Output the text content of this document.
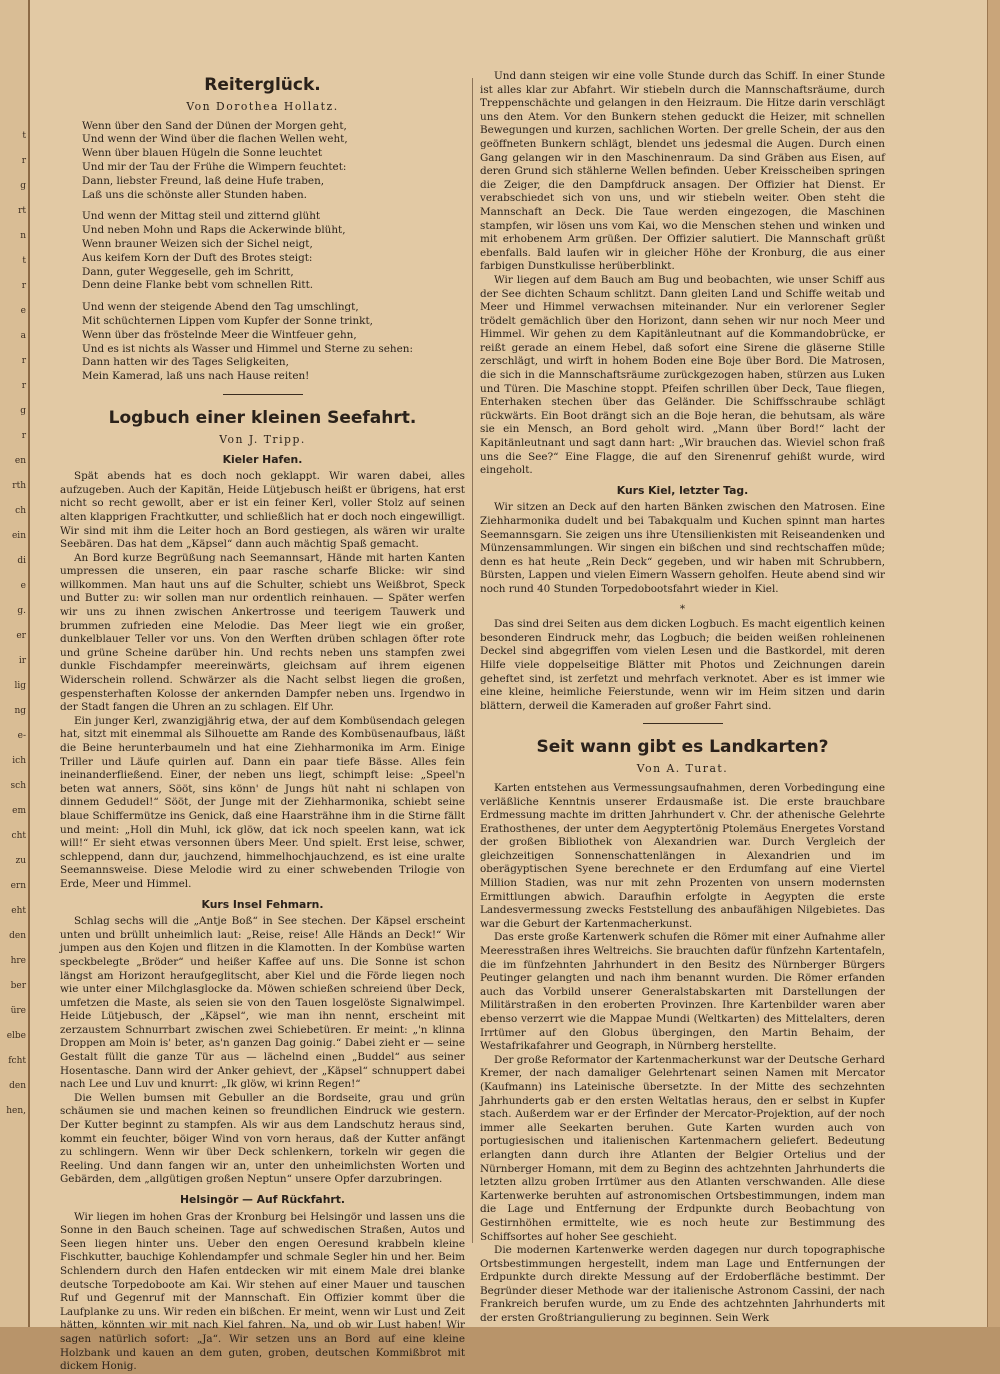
t
r
g
rt
n
t
r
e
a
r
r
g
r
en
rth
ch
ein
di
e
g.
er
ir
lig
ng
e-
ich
sch
em
cht
zu
ern
eht
den
hre
ber
üre
elbe
fcht
den
hen,
Reiterglück.
Von Dorothea Hollatz.
Wenn über den Sand der Dünen der Morgen geht,
Und wenn der Wind über die flachen Wellen weht,
Wenn über blauen Hügeln die Sonne leuchtet
Und mir der Tau der Frühe die Wimpern feuchtet:
Dann, liebster Freund, laß deine Hufe traben,
Laß uns die schönste aller Stunden haben.
Und wenn der Mittag steil und zitternd glüht
Und neben Mohn und Raps die Ackerwinde blüht,
Wenn brauner Weizen sich der Sichel neigt,
Aus keifem Korn der Duft des Brotes steigt:
Dann, guter Weggeselle, geh im Schritt,
Denn deine Flanke bebt vom schnellen Ritt.
Und wenn der steigende Abend den Tag umschlingt,
Mit schüchternen Lippen vom Kupfer der Sonne trinkt,
Wenn über das fröstelnde Meer die Wintfeuer gehn,
Und es ist nichts als Wasser und Himmel und Sterne zu sehen:
Dann hatten wir des Tages Seligkeiten,
Mein Kamerad, laß uns nach Hause reiten!
Logbuch einer kleinen Seefahrt.
Von J. Tripp.
Kieler Hafen.

Spät abends hat es doch noch geklappt. Wir waren dabei, alles aufzugeben. Auch der Kapitän, Heide Lütjebusch heißt er übrigens, hat erst nicht so recht gewollt, aber er ist ein feiner Kerl, voller Stolz auf seinen alten klapprigen Frachtkutter, und schließlich hat er doch noch eingewilligt. Wir sind mit ihm die Leiter hoch an Bord gestiegen, als wären wir uralte Seebären. Das hat dem „Käpsel“ dann auch mächtig Spaß gemacht.

An Bord kurze Begrüßung nach Seemannsart, Hände mit harten Kanten umpressen die unseren, ein paar rasche scharfe Blicke: wir sind willkommen. Man haut uns auf die Schulter, schiebt uns Weißbrot, Speck und Butter zu: wir sollen man nur ordentlich reinhauen. — Später werfen wir uns zu ihnen zwischen Ankertrosse und teerigem Tauwerk und brummen zufrieden eine Melodie. Das Meer liegt wie ein großer, dunkelblauer Teller vor uns. Von den Werften drüben schlagen öfter rote und grüne Scheine darüber hin. Und rechts neben uns stampfen zwei dunkle Fischdampfer meereinwärts, gleichsam auf ihrem eigenen Widerschein rollend. Schwärzer als die Nacht selbst liegen die großen, gespensterhaften Kolosse der ankernden Dampfer neben uns. Irgendwo in der Stadt fangen die Uhren an zu schlagen. Elf Uhr.

Ein junger Kerl, zwanzigjährig etwa, der auf dem Kombüsendach gelegen hat, sitzt mit einemmal als Silhouette am Rande des Kombüsenaufbaus, läßt die Beine herunterbaumeln und hat eine Ziehharmonika im Arm. Einige Triller und Läufe quirlen auf. Dann ein paar tiefe Bässe. Alles fein ineinanderfließend. Einer, der neben uns liegt, schimpft leise: „Speel'n beten wat anners, Sööt, sins könn' de Jungs hüt naht ni schlapen von dinnem Gedudel!“ Sööt, der Junge mit der Ziehharmonika, schiebt seine blaue Schiffermütze ins Genick, daß eine Haarsträhne ihm in die Stirne fällt und meint: „Holl din Muhl, ick glöw, dat ick noch speelen kann, wat ick will!“ Er sieht etwas versonnen übers Meer. Und spielt. Erst leise, schwer, schleppend, dann dur, jauchzend, himmelhochjauchzend, es ist eine uralte Seemannsweise. Diese Melodie wird zu einer schwebenden Trilogie von Erde, Meer und Himmel.

Kurs Insel Fehmarn.

Schlag sechs will die „Antje Boß“ in See stechen. Der Käpsel erscheint unten und brüllt unheimlich laut: „Reise, reise! Alle Händs an Deck!“ Wir jumpen aus den Kojen und flitzen in die Klamotten. In der Kombüse warten speckbelegte „Bröder“ und heißer Kaffee auf uns. Die Sonne ist schon längst am Horizont heraufgeglitscht, aber Kiel und die Förde liegen noch wie unter einer Milchglasglocke da. Möwen schießen schreiend über Deck, umfetzen die Maste, als seien sie von den Tauen losgelöste Signalwimpel. Heide Lütjebusch, der „Käpsel“, wie man ihn nennt, erscheint mit zerzaustem Schnurrbart zwischen zwei Schiebetüren. Er meint: „'n klinna Droppen am Moin is' beter, as'n ganzen Dag goinig.“ Dabei zieht er — seine Gestalt füllt die ganze Tür aus — lächelnd einen „Buddel“ aus seiner Hosentasche. Dann wird der Anker gehievt, der „Käpsel“ schnuppert dabei nach Lee und Luv und knurrt: „Ik glöw, wi krinn Regen!“

Die Wellen bumsen mit Gebuller an die Bordseite, grau und grün schäumen sie und machen keinen so freundlichen Eindruck wie gestern. Der Kutter beginnt zu stampfen. Als wir aus dem Landschutz heraus sind, kommt ein feuchter, böiger Wind von vorn heraus, daß der Kutter anfängt zu schlingern. Wenn wir über Deck schlenkern, torkeln wir gegen die Reeling. Und dann fangen wir an, unter den unheimlichsten Worten und Gebärden, dem „allgütigen großen Neptun“ unsere Opfer darzubringen.

Helsingör — Auf Rückfahrt.

Wir liegen im hohen Gras der Kronburg bei Helsingör und lassen uns die Sonne in den Bauch scheinen. Tage auf schwedischen Straßen, Autos und Seen liegen hinter uns. Ueber den engen Oeresund krabbeln kleine Fischkutter, bauchige Kohlendampfer und schmale Segler hin und her. Beim Schlendern durch den Hafen entdecken wir mit einem Male drei blanke deutsche Torpedoboote am Kai. Wir stehen auf einer Mauer und tauschen Ruf und Gegenruf mit der Mannschaft. Ein Offizier kommt über die Laufplanke zu uns. Wir reden ein bißchen. Er meint, wenn wir Lust und Zeit hätten, könnten wir mit nach Kiel fahren. Na, und ob wir Lust haben! Wir sagen natürlich sofort: „Ja“. Wir setzen uns an Bord auf eine kleine Holzbank und kauen an dem guten, groben, deutschen Kommißbrot mit dickem Honig.

Und dann steigen wir eine volle Stunde durch das Schiff. In einer Stunde ist alles klar zur Abfahrt. Wir stiebeln durch die Mannschaftsräume, durch Treppenschächte und gelangen in den Heizraum. Die Hitze darin verschlägt uns den Atem. Vor den Bunkern stehen geduckt die Heizer, mit schnellen Bewegungen und kurzen, sachlichen Worten. Der grelle Schein, der aus den geöffneten Bunkern schlägt, blendet uns jedesmal die Augen. Durch einen Gang gelangen wir in den Maschinenraum. Da sind Gräben aus Eisen, auf deren Grund sich stählerne Wellen befinden. Ueber Kreisscheiben springen die Zeiger, die den Dampfdruck ansagen. Der Offizier hat Dienst. Er verabschiedet sich von uns, und wir stiebeln weiter. Oben steht die Mannschaft an Deck. Die Taue werden eingezogen, die Maschinen stampfen, wir lösen uns vom Kai, wo die Menschen stehen und winken und mit erhobenem Arm grüßen. Der Offizier salutiert. Die Mannschaft grüßt ebenfalls. Bald laufen wir in gleicher Höhe der Kronburg, die aus einer farbigen Dunstkulisse herüberblinkt.

Wir liegen auf dem Bauch am Bug und beobachten, wie unser Schiff aus der See dichten Schaum schlitzt. Dann gleiten Land und Schiffe weitab und Meer und Himmel verwachsen miteinander. Nur ein verlorener Segler trödelt gemächlich über den Horizont, dann sehen wir nur noch Meer und Himmel. Wir gehen zu dem Kapitänleutnant auf die Kommandobrücke, er reißt gerade an einem Hebel, daß sofort eine Sirene die gläserne Stille zerschlägt, und wirft in hohem Boden eine Boje über Bord. Die Matrosen, die sich in die Mannschaftsräume zurückgezogen haben, stürzen aus Luken und Türen. Die Maschine stoppt. Pfeifen schrillen über Deck, Taue fliegen, Enterhaken stechen über das Geländer. Die Schiffsschraube schlägt rückwärts. Ein Boot drängt sich an die Boje heran, die behutsam, als wäre sie ein Mensch, an Bord geholt wird. „Mann über Bord!“ lacht der Kapitänleutnant und sagt dann hart: „Wir brauchen das. Wieviel schon fraß uns die See?“ Eine Flagge, die auf den Sirenenruf gehißt wurde, wird eingeholt.

Kurs Kiel, letzter Tag.

Wir sitzen an Deck auf den harten Bänken zwischen den Matrosen. Eine Ziehharmonika dudelt und bei Tabakqualm und Kuchen spinnt man hartes Seemannsgarn. Sie zeigen uns ihre Utensilienkisten mit Reiseandenken und Münzensammlungen. Wir singen ein bißchen und sind rechtschaffen müde; denn es hat heute „Rein Deck“ gegeben, und wir haben mit Schrubbern, Bürsten, Lappen und vielen Eimern Wassern geholfen. Heute abend sind wir noch rund 40 Stunden Torpedobootsfahrt wieder in Kiel.

*

Das sind drei Seiten aus dem dicken Logbuch. Es macht eigentlich keinen besonderen Eindruck mehr, das Logbuch; die beiden weißen rohleinenen Deckel sind abgegriffen vom vielen Lesen und die Bastkordel, mit deren Hilfe viele doppelseitige Blätter mit Photos und Zeichnungen darein geheftet sind, ist zerfetzt und mehrfach verknotet. Aber es ist immer wie eine kleine, heimliche Feierstunde, wenn wir im Heim sitzen und darin blättern, derweil die Kameraden auf großer Fahrt sind.

Seit wann gibt es Landkarten?
Von A. Turat.

Karten entstehen aus Vermessungsaufnahmen, deren Vorbedingung eine verläßliche Kenntnis unserer Erdausmaße ist. Die erste brauchbare Erdmessung machte im dritten Jahrhundert v. Chr. der athenische Gelehrte Erathosthenes, der unter dem Aegyptertönig Ptolemäus Energetes Vorstand der großen Bibliothek von Alexandrien war. Durch Vergleich der gleichzeitigen Sonnenschattenlängen in Alexandrien und im oberägyptischen Syene berechnete er den Erdumfang auf eine Viertel Million Stadien, was nur mit zehn Prozenten von unsern modernsten Ermittlungen abwich. Daraufhin erfolgte in Aegypten die erste Landesvermessung zwecks Feststellung des anbaufähigen Nilgebietes. Das war die Geburt der Kartenmacherkunst.

Das erste große Kartenwerk schufen die Römer mit einer Aufnahme aller Meeresstraßen ihres Weltreichs. Sie brauchten dafür fünfzehn Kartentafeln, die im fünfzehnten Jahrhundert in den Besitz des Nürnberger Bürgers Peutinger gelangten und nach ihm benannt wurden. Die Römer erfanden auch das Vorbild unserer Generalstabskarten mit Darstellungen der Militärstraßen in den eroberten Provinzen. Ihre Kartenbilder waren aber ebenso verzerrt wie die Mappae Mundi (Weltkarten) des Mittelalters, deren Irrtümer auf den Globus übergingen, den Martin Behaim, der Westafrikafahrer und Geograph, in Nürnberg herstellte.

Der große Reformator der Kartenmacherkunst war der Deutsche Gerhard Kremer, der nach damaliger Gelehrtenart seinen Namen mit Mercator (Kaufmann) ins Lateinische übersetzte. In der Mitte des sechzehnten Jahrhunderts gab er den ersten Weltatlas heraus, den er selbst in Kupfer stach. Außerdem war er der Erfinder der Mercator-Projektion, auf der noch immer alle Seekarten beruhen. Gute Karten wurden auch von portugiesischen und italienischen Kartenmachern geliefert. Bedeutung erlangten dann durch ihre Atlanten der Belgier Ortelius und der Nürnberger Homann, mit dem zu Beginn des achtzehnten Jahrhunderts die letzten allzu groben Irrtümer aus den Atlanten verschwanden. Alle diese Kartenwerke beruhten auf astronomischen Ortsbestimmungen, indem man die Lage und Entfernung der Erdpunkte durch Beobachtung von Gestirnhöhen ermittelte, wie es noch heute zur Bestimmung des Schiffsortes auf hoher See geschieht.

Die modernen Kartenwerke werden dagegen nur durch topographische Ortsbestimmungen hergestellt, indem man Lage und Entfernungen der Erdpunkte durch direkte Messung auf der Erdoberfläche bestimmt. Der Begründer dieser Methode war der italienische Astronom Cassini, der nach Frankreich berufen wurde, um zu Ende des achtzehnten Jahrhunderts mit der ersten Großtriangulierung zu beginnen. Sein Werk
